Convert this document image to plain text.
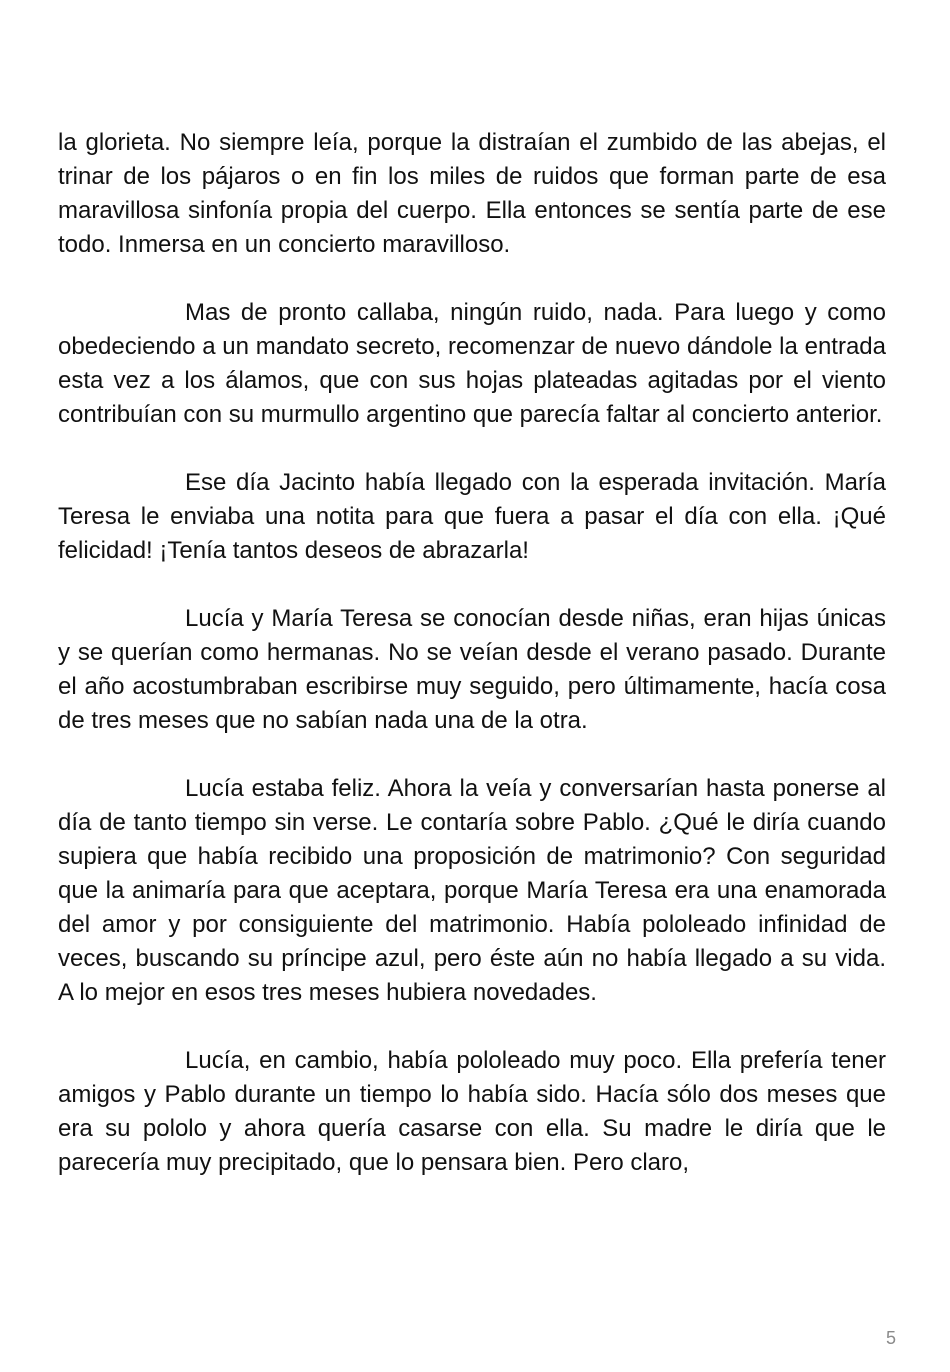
la glorieta. No siempre leía, porque la distraían el zumbido de las abejas, el trinar de los pájaros o en fin los miles de ruidos que forman parte de esa maravillosa sinfonía propia del cuerpo. Ella entonces se sentía parte de ese todo. Inmersa en un concierto maravilloso.

Mas de pronto callaba, ningún ruido, nada. Para luego y como obedeciendo a un mandato secreto, recomenzar de nuevo dándole la entrada esta vez a los álamos, que con sus hojas plateadas agitadas por el viento contribuían con su murmullo argentino que parecía faltar al concierto anterior.

Ese día Jacinto había llegado con la esperada invitación. María Teresa le enviaba una notita para que fuera a pasar el día con ella. ¡Qué felicidad! ¡Tenía tantos deseos de abrazarla!

Lucía y María Teresa se conocían desde niñas, eran hijas únicas y se querían como hermanas. No se veían desde el verano pasado. Durante el año acostumbraban escribirse muy seguido, pero últimamente, hacía cosa de tres meses que no sabían nada una de la otra.

Lucía estaba feliz. Ahora la veía y conversarían hasta ponerse al día de tanto tiempo sin verse. Le contaría sobre Pablo. ¿Qué le diría cuando supiera que había recibido una proposición de matrimonio? Con seguridad que la animaría para que aceptara, porque María Teresa era una enamorada del amor y por consiguiente del matrimonio. Había pololeado infinidad de veces, buscando su príncipe azul, pero éste aún no había llegado a su vida. A lo mejor en esos tres meses hubiera novedades.

Lucía, en cambio, había pololeado muy poco. Ella prefería tener amigos y Pablo durante un tiempo lo había sido. Hacía sólo dos meses que era su pololo y ahora quería casarse con ella. Su madre le diría que le parecería muy precipitado, que lo pensara bien. Pero claro,

5
